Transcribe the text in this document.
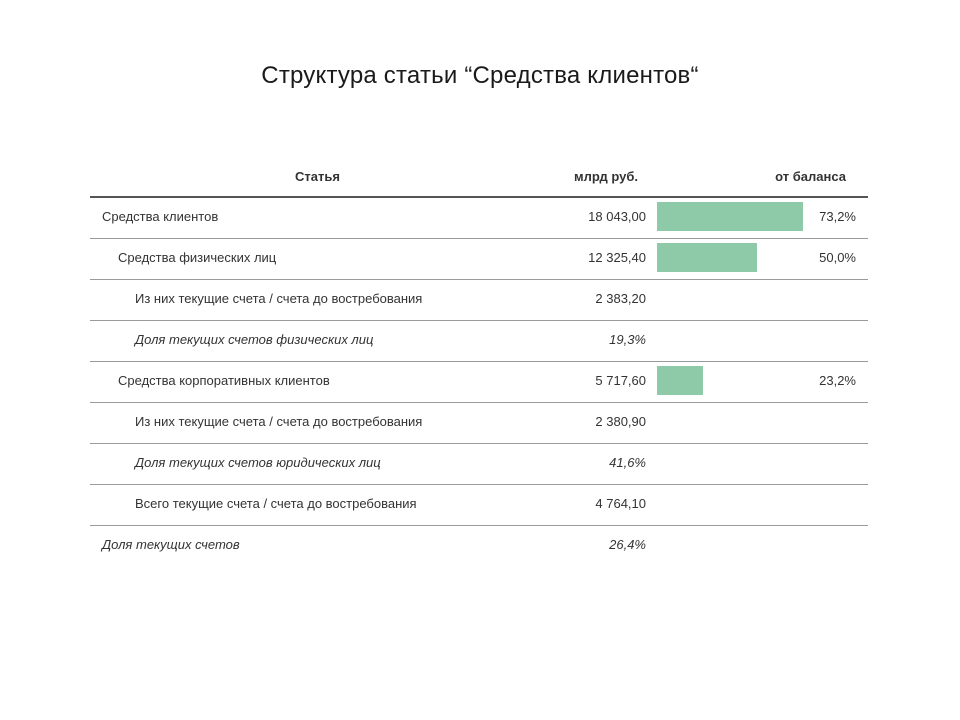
Структура статьи “Средства клиентов“
Статья	млрд руб.	от баланса
Средства клиентов	18 043,00	73,2%
Средства физических лиц	12 325,40	50,0%
Из них текущие счета / счета до востребования	2 383,20
Доля текущих счетов физических лиц	19,3%
Средства корпоративных клиентов	5 717,60	23,2%
Из них текущие счета / счета до востребования	2 380,90
Доля текущих счетов юридических лиц	41,6%
Всего текущие счета / счета до востребования	4 764,10
Доля текущих счетов	26,4%
